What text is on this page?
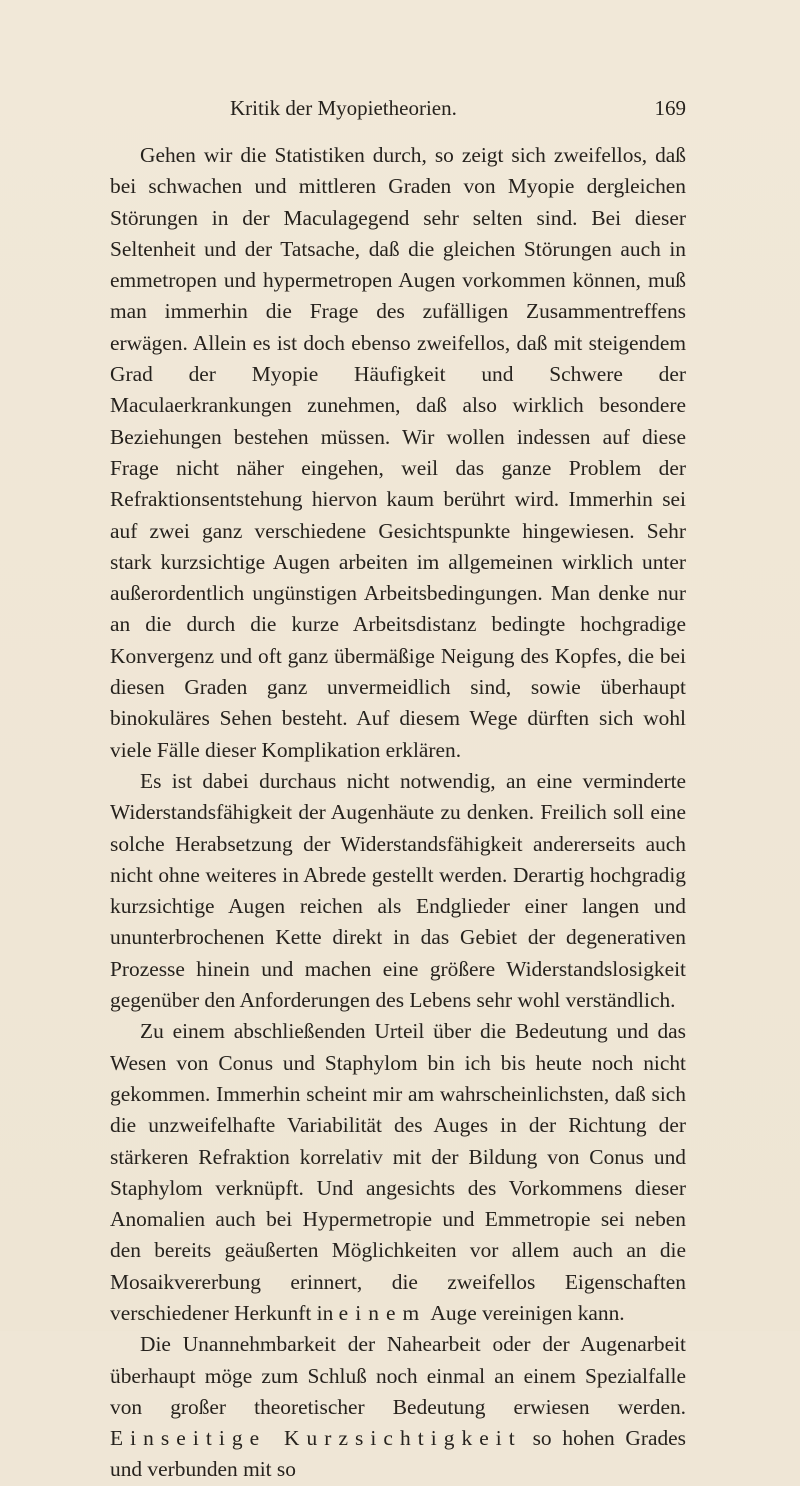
Kritik der Myopietheorien.	169

Gehen wir die Statistiken durch, so zeigt sich zweifellos, daß bei schwachen und mittleren Graden von Myopie dergleichen Störungen in der Maculagegend sehr selten sind. Bei dieser Seltenheit und der Tatsache, daß die gleichen Störungen auch in emmetropen und hypermetropen Augen vorkommen können, muß man immerhin die Frage des zufälligen Zusammentreffens erwägen. Allein es ist doch ebenso zweifellos, daß mit steigendem Grad der Myopie Häufigkeit und Schwere der Maculaerkrankungen zunehmen, daß also wirklich besondere Beziehungen bestehen müssen. Wir wollen indessen auf diese Frage nicht näher eingehen, weil das ganze Problem der Refraktionsentstehung hiervon kaum berührt wird. Immerhin sei auf zwei ganz verschiedene Gesichtspunkte hingewiesen. Sehr stark kurzsichtige Augen arbeiten im allgemeinen wirklich unter außerordentlich ungünstigen Arbeitsbedingungen. Man denke nur an die durch die kurze Arbeitsdistanz bedingte hochgradige Konvergenz und oft ganz übermäßige Neigung des Kopfes, die bei diesen Graden ganz unvermeidlich sind, sowie überhaupt binokuläres Sehen besteht. Auf diesem Wege dürften sich wohl viele Fälle dieser Komplikation erklären.

Es ist dabei durchaus nicht notwendig, an eine verminderte Widerstandsfähigkeit der Augenhäute zu denken. Freilich soll eine solche Herabsetzung der Widerstandsfähigkeit andererseits auch nicht ohne weiteres in Abrede gestellt werden. Derartig hochgradig kurzsichtige Augen reichen als Endglieder einer langen und ununterbrochenen Kette direkt in das Gebiet der degenerativen Prozesse hinein und machen eine größere Widerstandslosigkeit gegenüber den Anforderungen des Lebens sehr wohl verständlich.

Zu einem abschließenden Urteil über die Bedeutung und das Wesen von Conus und Staphylom bin ich bis heute noch nicht gekommen. Immerhin scheint mir am wahrscheinlichsten, daß sich die unzweifelhafte Variabilität des Auges in der Richtung der stärkeren Refraktion korrelativ mit der Bildung von Conus und Staphylom verknüpft. Und angesichts des Vorkommens dieser Anomalien auch bei Hypermetropie und Emmetropie sei neben den bereits geäußerten Möglichkeiten vor allem auch an die Mosaikvererbung erinnert, die zweifellos Eigenschaften verschiedener Herkunft in einem Auge vereinigen kann.

Die Unannehmbarkeit der Nahearbeit oder der Augenarbeit überhaupt möge zum Schluß noch einmal an einem Spezialfalle von großer theoretischer Bedeutung erwiesen werden. Einseitige Kurzsichtigkeit so hohen Grades und verbunden mit so
